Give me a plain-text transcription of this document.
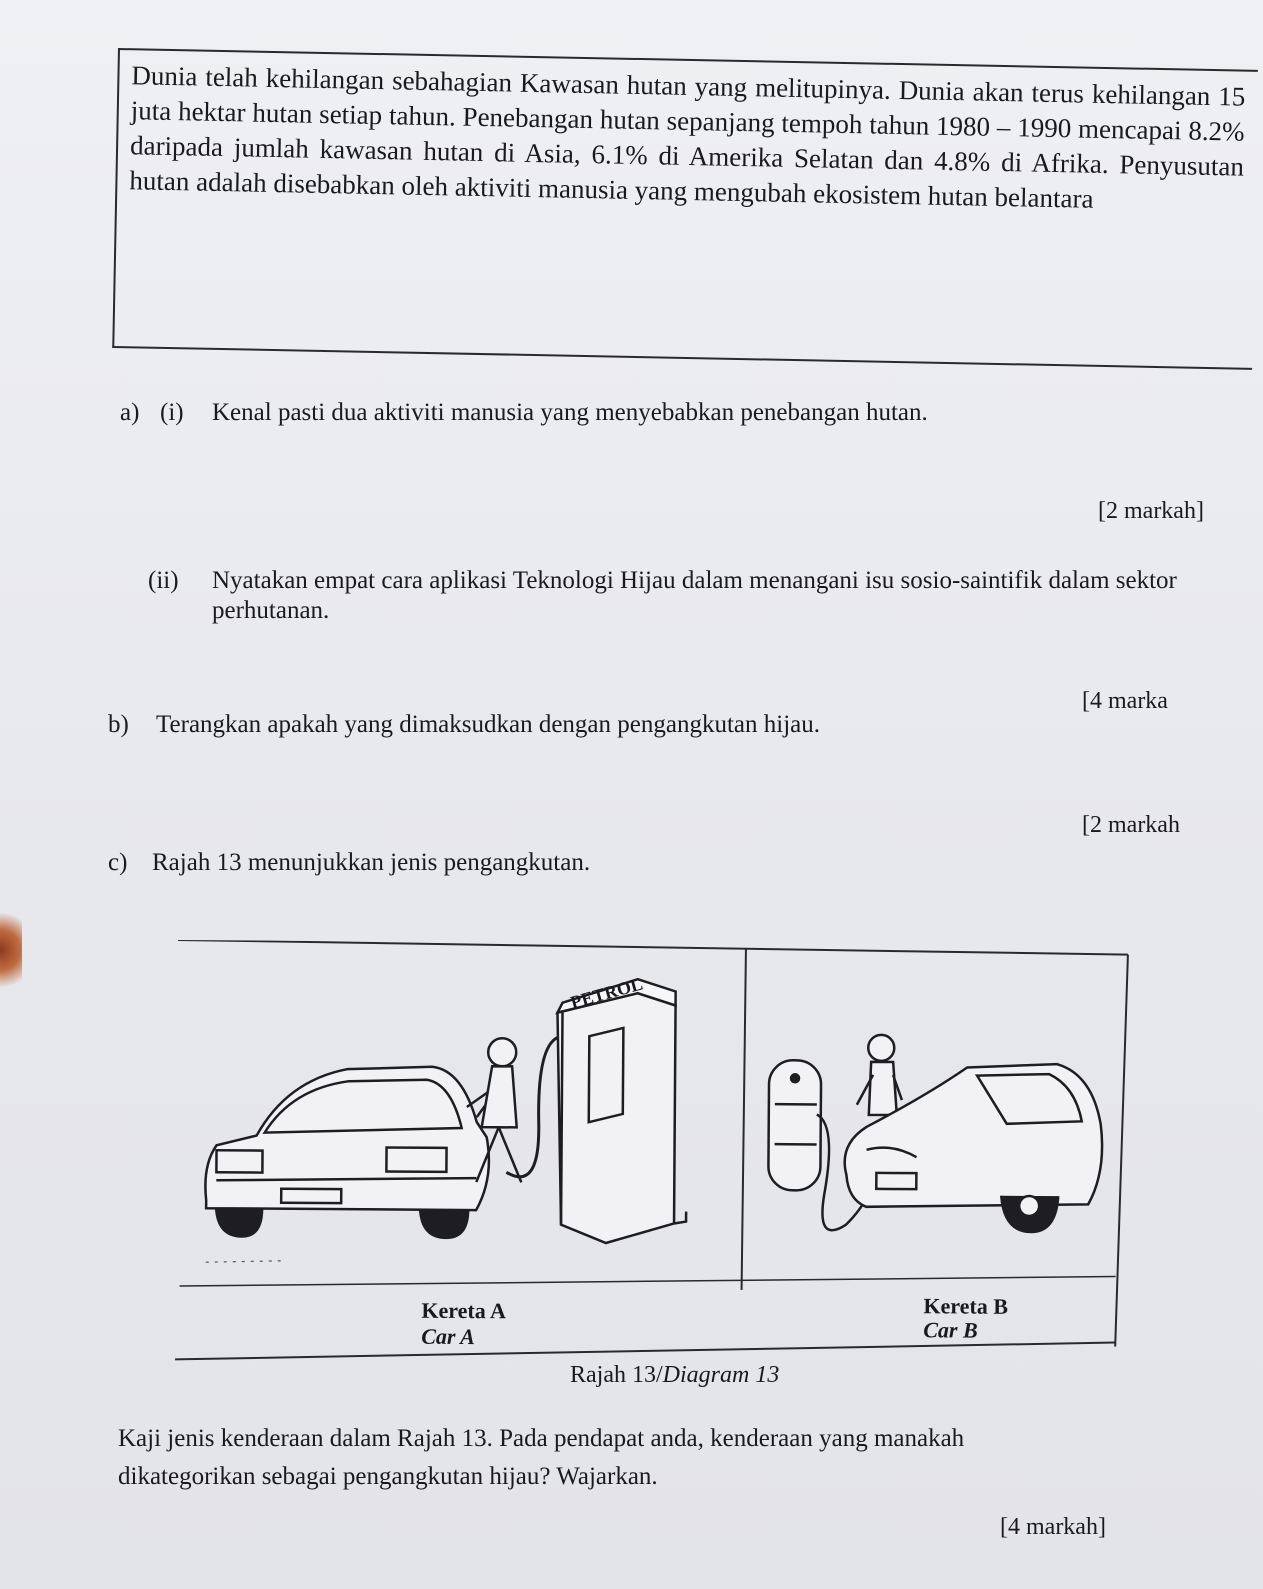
Dunia telah kehilangan sebahagian Kawasan hutan yang melitupinya. Dunia akan terus kehilangan 15 juta hektar hutan setiap tahun. Penebangan hutan sepanjang tempoh tahun 1980 – 1990 mencapai 8.2% daripada jumlah kawasan hutan di Asia, 6.1% di Amerika Selatan dan 4.8% di Afrika. Penyusutan hutan adalah disebabkan oleh aktiviti manusia yang mengubah ekosistem hutan belantara

a) (i) Kenal pasti dua aktiviti manusia yang menyebabkan penebangan hutan.
[2 markah]
(ii) Nyatakan empat cara aplikasi Teknologi Hijau dalam menangani isu sosio-saintifik dalam sektor perhutanan.
[4 marka
b) Terangkan apakah yang dimaksudkan dengan pengangkutan hijau.
[2 markah
c) Rajah 13 menunjukkan jenis pengangkutan.
PETROL
Kereta A
Car A
Kereta B
Car B
Rajah 13/Diagram 13
Kaji jenis kenderaan dalam Rajah 13. Pada pendapat anda, kenderaan yang manakah dikategorikan sebagai pengangkutan hijau? Wajarkan.
[4 markah]
